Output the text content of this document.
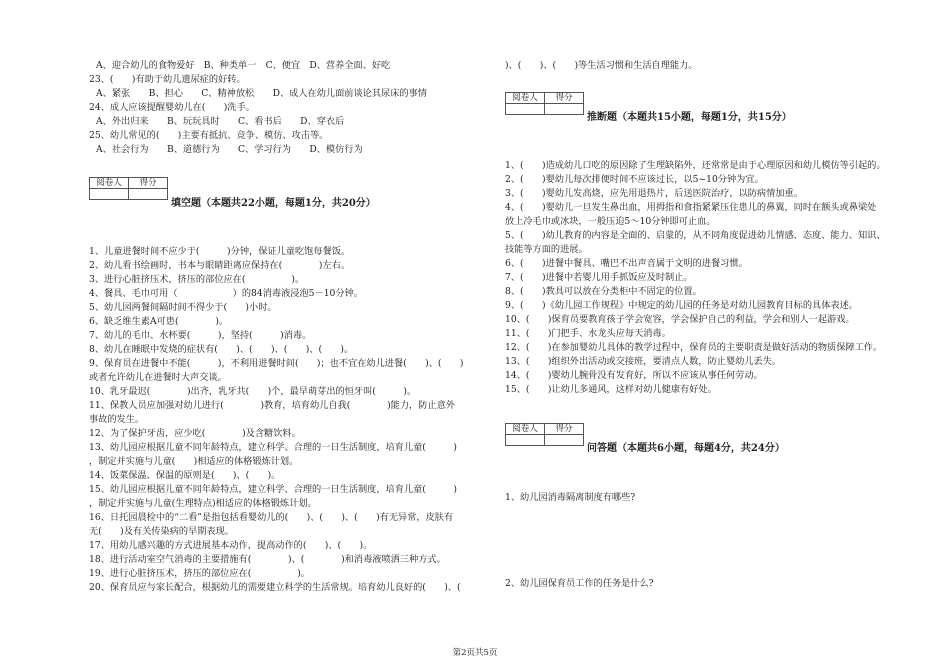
A、迎合幼儿的食物爱好　B、种类单一　C、便宜　D、营养全面、好吃
23、(　　)有助于幼儿遗尿症的好转。
A、紧张　　B、担心　　C、精神放松　　D、成人在幼儿面前谈论其尿床的事情
24、成人应该提醒婴幼儿在(　　)洗手。
A、外出归来　　B、玩玩具时　　C、看书后　　D、穿衣后
25、幼儿常见的(　　)主要有抵抗、竞争、模仿、攻击等。
A、社会行为　　B、道德行为　　C、学习行为　　D、模仿行为
阅卷人	得分

填空题（本题共22小题，每题1分，共20分）
1、儿童进餐时间不应少于(　　　)分钟，保证儿童吃饱每餐饭。
2、幼儿看书绘画时，书本与眼睛距离应保持在(　　　　)左右。
3、进行心脏挤压术，挤压的部位应在(　　　　　)。
4、餐具、毛巾可用（　　　　　　）的84消毒液浸泡5－10分钟。
5、幼儿园两餐间隔时间不得少于(　　)小时。
6、缺乏维生素A可患(　　　　)。
7、幼儿的毛巾、水杯要(　　　)，坚持(　　　)消毒。
8、幼儿在睡眠中发烧的症状有(　　)、(　　)、(　　)、(　　)。
9、保育员在进餐中不能(　　　)，不利用进餐时间(　　)；也不宜在幼儿进餐(　　)、(　　)
或者允许幼儿在进餐时大声交谈。
10、乳牙最迟(　　　　)出齐，乳牙共(　　)个，最早萌芽出的恒牙叫(　　　)。
11、保教人员应加强对幼儿进行(　　　　)教育，培育幼儿自我(　　　　)能力，防止意外
事故的发生。
12、为了保护牙齿，应少吃(　　　　)及含糖饮料。
13、幼儿园应根据儿童不同年龄特点，建立科学、合理的一日生活制度，培育儿童(　　　)
，制定并实施与儿童(　　)相适应的体格锻炼计划。
14、饭菜保温、保温的原则是(　　)、(　　)。
15、幼儿园应根据儿童不同年龄特点，建立科学、合理的一日生活制度，培育儿童(　　　)
，制定并实施与儿童(生理特点)相适应的体格锻炼计划。
16、日托园晨检中的“二看”是指包括看婴幼儿的(　　)、(　　)、(　　)有无异常，皮肤有
无(　　)及有关传染病的早期表现。
17、用幼儿感兴趣的方式进展基本动作，提高动作的(　　)、(　　)。
18、进行活动室空气消毒的主要措施有(　　　　)、(　　　　)和消毒液喷洒三种方式。
19、进行心脏挤压术，挤压的部位应在(　　　　　)。
20、保育员应与家长配合，根据幼儿的需要建立科学的生活常规。培育幼儿良好的(　　)、(
)、(　　)、(　　)等生活习惯和生活自理能力。
阅卷人	得分

推断题（本题共15小题，每题1分，共15分）
1、(　　)造成幼儿口吃的原因除了生理缺陷外，还常常是由于心理原因和幼儿模仿等引起的。
2、(　　)婴幼儿每次排便时间不应该过长，以5~10分钟为宜。
3、(　　)婴幼儿发高烧，应先用退热片，后送医院治疗，以防病情加重。
4、(　　)婴幼儿一旦发生鼻出血，用拇指和食指紧紧压住患儿的鼻翼，同时在额头或鼻梁处
放上冷毛巾或冰块，一般压迫5～10分钟即可止血。
5、(　　)幼儿教育的内容是全面的、启蒙的，从不同角度促进幼儿情感、态度、能力、知识、
技能等方面的进展。
6、(　　)进餐中餐具、嘴巴不出声音属于文明的进餐习惯。
7、(　　)进餐中若婴儿用手抓饭应及时制止。
8、(　　)教具可以放在分类柜中不固定的位置。
9、(　　)《幼儿园工作规程》中规定的幼儿园的任务是对幼儿园教育目标的具体表述。
10、(　　)保育员要教育孩子学会宽容，学会保护自己的利益，学会和别人一起游戏。
11、(　　)门把手、水龙头应每天消毒。
12、(　　)在参加婴幼儿具体的教学过程中，保育员的主要职责是做好活动的物质保障工作。
13、(　　)组织外出活动或交接班，要清点人数，防止婴幼儿丢失。
14、(　　)婴幼儿腕骨没有发育好，所以不应该从事任何劳动。
15、(　　)让幼儿多通风，这样对幼儿健康有好处。
阅卷人	得分

问答题（本题共6小题，每题4分，共24分）
1、幼儿园消毒隔离制度有哪些?
2、幼儿园保育员工作的任务是什么?
第2页共5页
